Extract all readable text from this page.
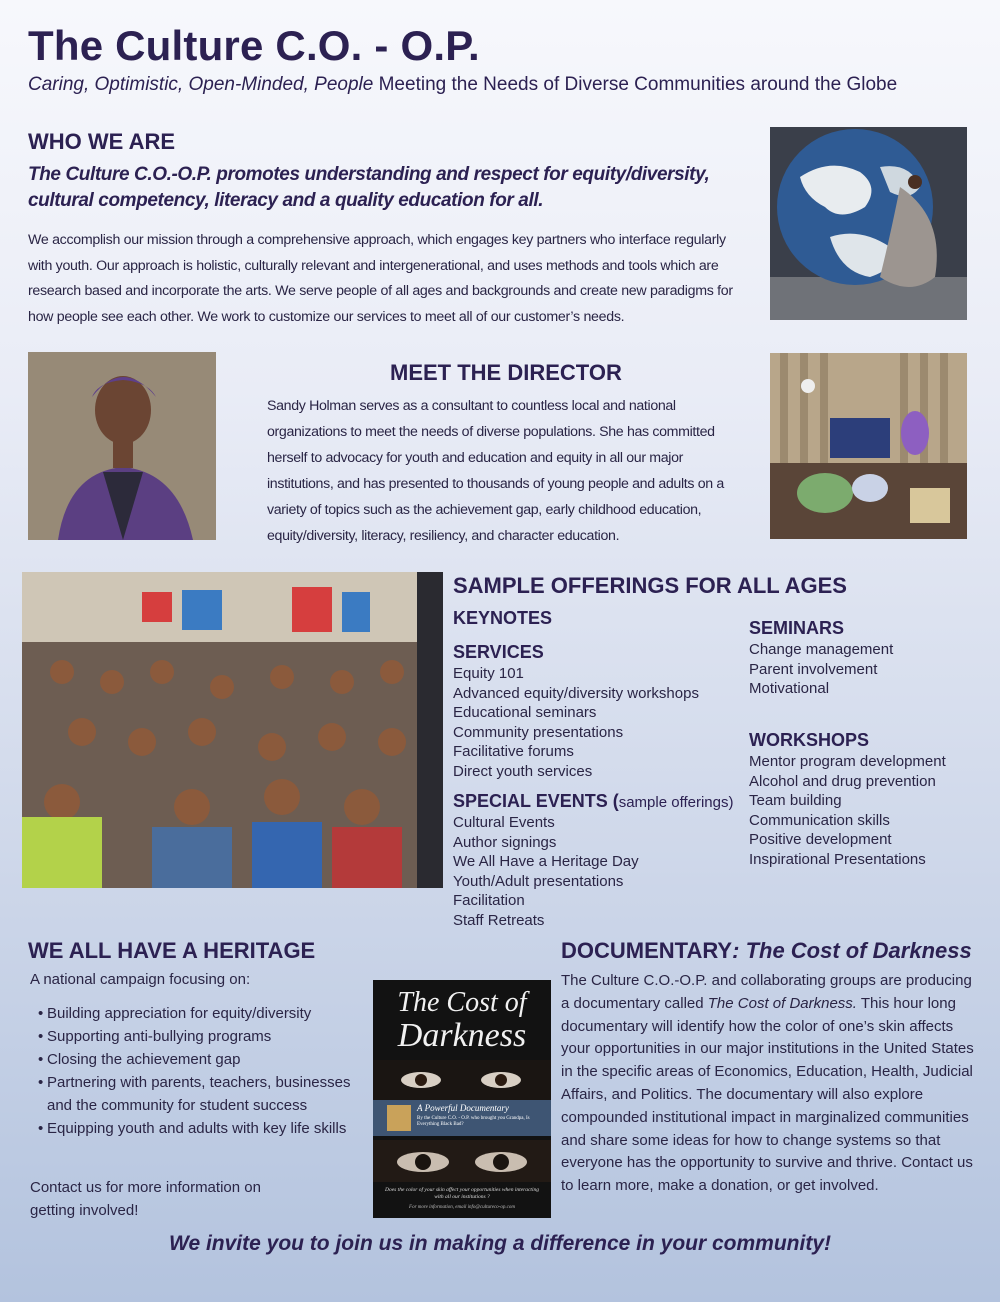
The Culture C.O. - O.P.
Caring, Optimistic, Open-Minded, People Meeting the Needs of Diverse Communities around the Globe
WHO WE ARE
The Culture C.O.-O.P. promotes understanding and respect for equity/diversity, cultural competency, literacy and a quality education for all.
We accomplish our mission through a comprehensive approach, which engages key partners who interface regularly with youth. Our approach is holistic, culturally relevant and intergenerational, and uses methods and tools which are research based and incorporate the arts. We serve people of all ages and backgrounds and create new paradigms for how people see each other. We work to customize our services to meet all of our customer’s needs.
MEET THE DIRECTOR
Sandy Holman serves as a consultant to countless local and national organizations to meet the needs of diverse populations. She has committed herself to advocacy for youth and education and equity in all our major institutions, and has presented to thousands of young people and adults on a variety of topics such as the achievement gap, early childhood education, equity/diversity, literacy, resiliency, and character education.
SAMPLE OFFERINGS FOR ALL AGES
KEYNOTES
SERVICES
Equity 101
Advanced equity/diversity workshops
Educational seminars
Community presentations
Facilitative forums
Direct youth services
SPECIAL EVENTS (sample offerings)
Cultural Events
Author signings
We All Have a Heritage Day
Youth/Adult presentations
Facilitation
Staff Retreats
SEMINARS
Change management
Parent involvement
Motivational
WORKSHOPS
Mentor program development
Alcohol and drug prevention
Team building
Communication skills
Positive development
Inspirational Presentations
WE ALL HAVE A HERITAGE
A national campaign focusing on:
• Building appreciation for equity/diversity
• Supporting anti-bullying programs
• Closing the achievement gap
• Partnering with parents, teachers, businesses and the community for student success
• Equipping youth and adults with key life skills
Contact us for more information on getting involved!
The Cost of
Darkness
A Powerful Documentary
By the Culture C.O. - O.P. who brought you Grandpa, Is Everything Black Bad?
Does the color of your skin affect your opportunities when interacting with all our institutions ?
For more information, email info@cultureco-op.com
DOCUMENTARY: The Cost of Darkness
The Culture C.O.-O.P. and collaborating groups are producing a documentary called The Cost of Darkness. This hour long documentary will identify how the color of one’s skin affects your opportunities in our major institutions in the United States in the specific areas of Economics, Education, Health, Judicial Affairs, and Politics. The documentary will also explore compounded institutional impact in marginalized communities and share some ideas for how to change systems so that everyone has the opportunity to survive and thrive. Contact us to learn more, make a donation, or get involved.
We invite you to join us in making a difference in your community!
